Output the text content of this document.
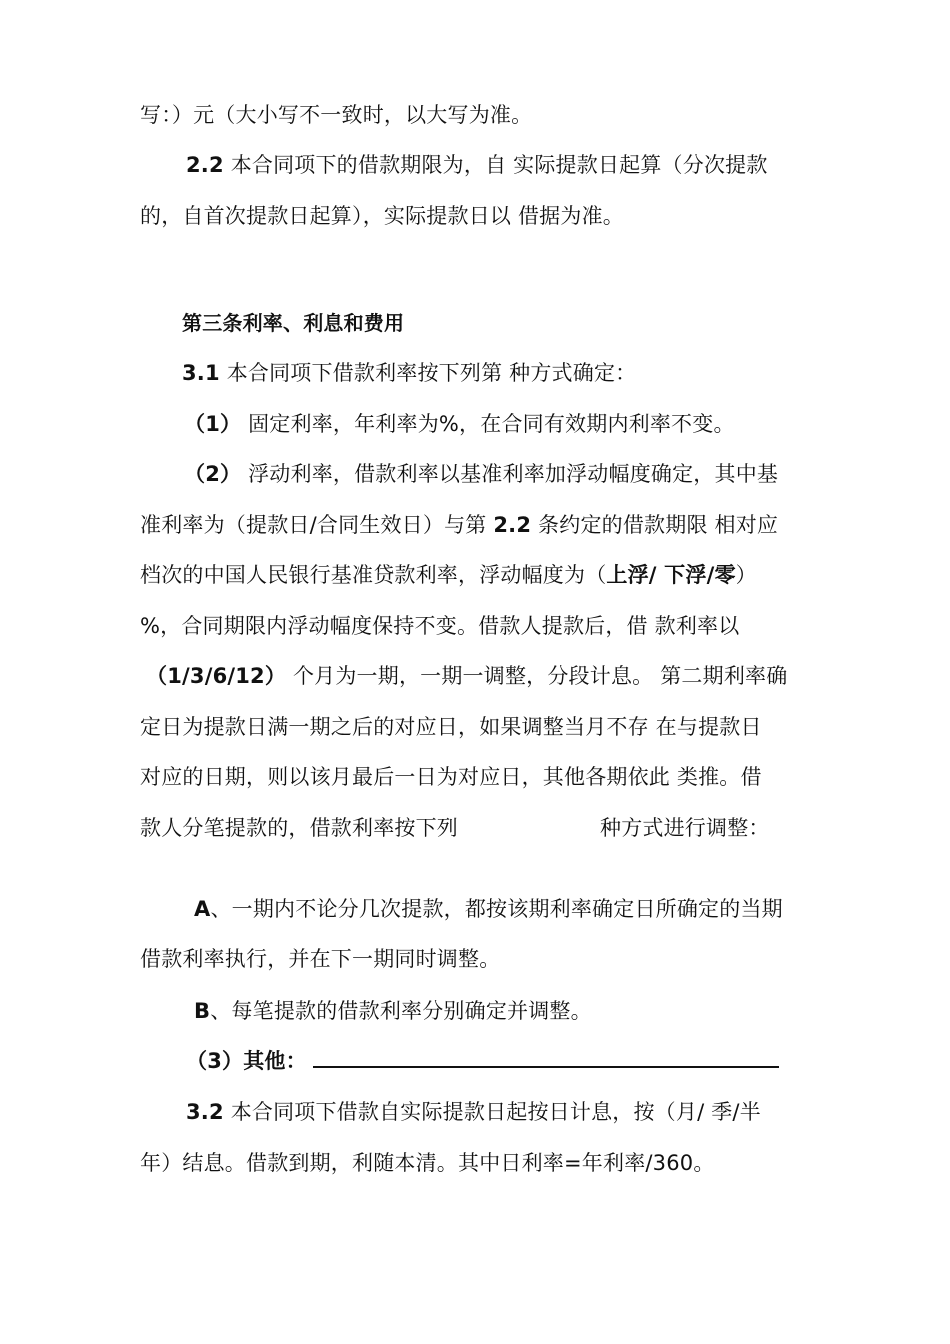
写：）元（大小写不一致时，以大写为准。
2.2 本合同项下的借款期限为，自 实际提款日起算（分次提款
的，自首次提款日起算），实际提款日以 借据为准。
第三条利率、利息和费用
3.1 本合同项下借款利率按下列第 种方式确定：
（1） 固定利率，年利率为%，在合同有效期内利率不变。
（2） 浮动利率，借款利率以基准利率加浮动幅度确定，其中基
准利率为（提款日/合同生效日）与第 2.2 条约定的借款期限 相对应
档次的中国人民银行基准贷款利率，浮动幅度为（上浮/ 下浮/零）
%，合同期限内浮动幅度保持不变。借款人提款后，借 款利率以
（1/3/6/12） 个月为一期，一期一调整，分段计息。 第二期利率确
定日为提款日满一期之后的对应日，如果调整当月不存 在与提款日
对应的日期，则以该月最后一日为对应日，其他各期依此 类推。借
款人分笔提款的，借款利率按下列	种方式进行调整：
A、一期内不论分几次提款，都按该期利率确定日所确定的当期
借款利率执行，并在下一期同时调整。
B、每笔提款的借款利率分别确定并调整。
（3）其他：
3.2 本合同项下借款自实际提款日起按日计息，按（月/ 季/半
年）结息。借款到期，利随本清。其中日利率=年利率/360。
